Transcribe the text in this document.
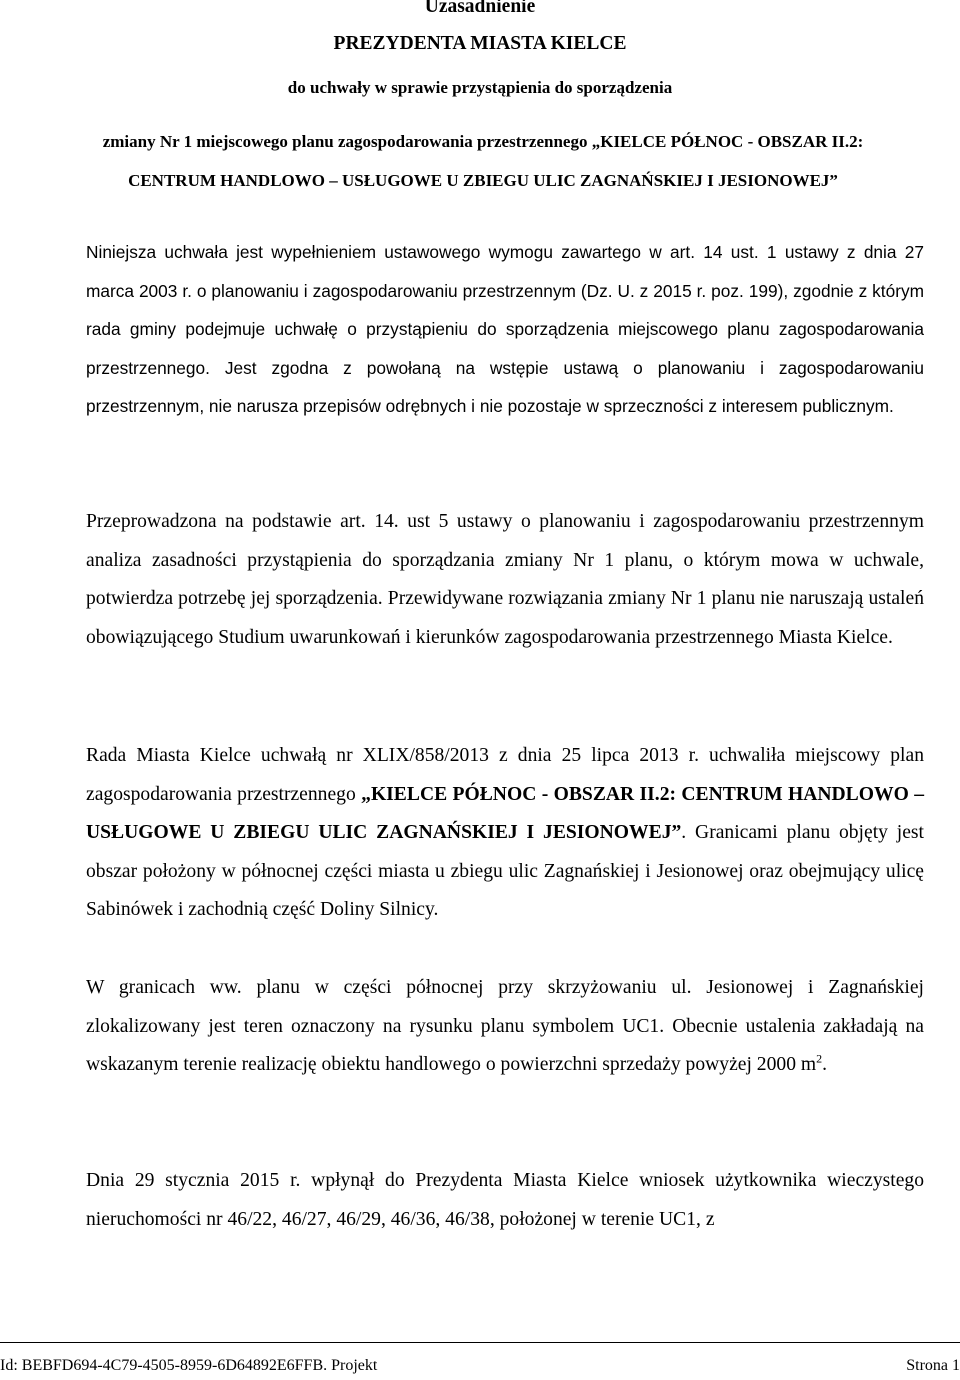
Uzasadnienie
PREZYDENTA MIASTA KIELCE
do uchwały w sprawie przystąpienia do sporządzenia
zmiany Nr 1 miejscowego planu zagospodarowania przestrzennego „KIELCE PÓŁNOC - OBSZAR II.2: CENTRUM HANDLOWO – USŁUGOWE U ZBIEGU ULIC ZAGNAŃSKIEJ I JESIONOWEJ”
Niniejsza uchwała jest wypełnieniem ustawowego wymogu zawartego w art. 14 ust. 1 ustawy z dnia 27 marca 2003 r. o planowaniu i zagospodarowaniu przestrzennym (Dz. U. z 2015 r. poz. 199), zgodnie z którym rada gminy podejmuje uchwałę o przystąpieniu do sporządzenia miejscowego planu zagospodarowania przestrzennego. Jest zgodna z powołaną na wstępie ustawą o planowaniu i zagospodarowaniu przestrzennym, nie narusza przepisów odrębnych i nie pozostaje w sprzeczności z interesem publicznym.
Przeprowadzona na podstawie art. 14. ust 5 ustawy o planowaniu i zagospodarowaniu przestrzennym analiza zasadności przystąpienia do sporządzania zmiany Nr 1 planu, o którym mowa w uchwale, potwierdza potrzebę jej sporządzenia. Przewidywane rozwiązania zmiany Nr 1 planu nie naruszają ustaleń obowiązującego Studium uwarunkowań i kierunków zagospodarowania przestrzennego Miasta Kielce.
Rada Miasta Kielce uchwałą nr XLIX/858/2013 z dnia 25 lipca 2013 r. uchwaliła miejscowy plan zagospodarowania przestrzennego „KIELCE PÓŁNOC - OBSZAR II.2: CENTRUM HANDLOWO – USŁUGOWE U ZBIEGU ULIC ZAGNAŃSKIEJ I JESIONOWEJ”. Granicami planu objęty jest obszar położony w północnej części miasta u zbiegu ulic Zagnańskiej i Jesionowej oraz obejmujący ulicę Sabinówek i zachodnią część Doliny Silnicy.
W granicach ww. planu w części północnej przy skrzyżowaniu ul. Jesionowej i Zagnańskiej zlokalizowany jest teren oznaczony na rysunku planu symbolem UC1. Obecnie ustalenia zakładają na wskazanym terenie realizację obiektu handlowego o powierzchni sprzedaży powyżej 2000 $m^2$.
Dnia 29 stycznia 2015 r. wpłynął do Prezydenta Miasta Kielce wniosek użytkownika wieczystego nieruchomości nr 46/22, 46/27, 46/29, 46/36, 46/38, położonej w terenie UC1, z
Id: BEBFD694-4C79-4505-8959-6D64892E6FFB. Projekt	Strona 1
